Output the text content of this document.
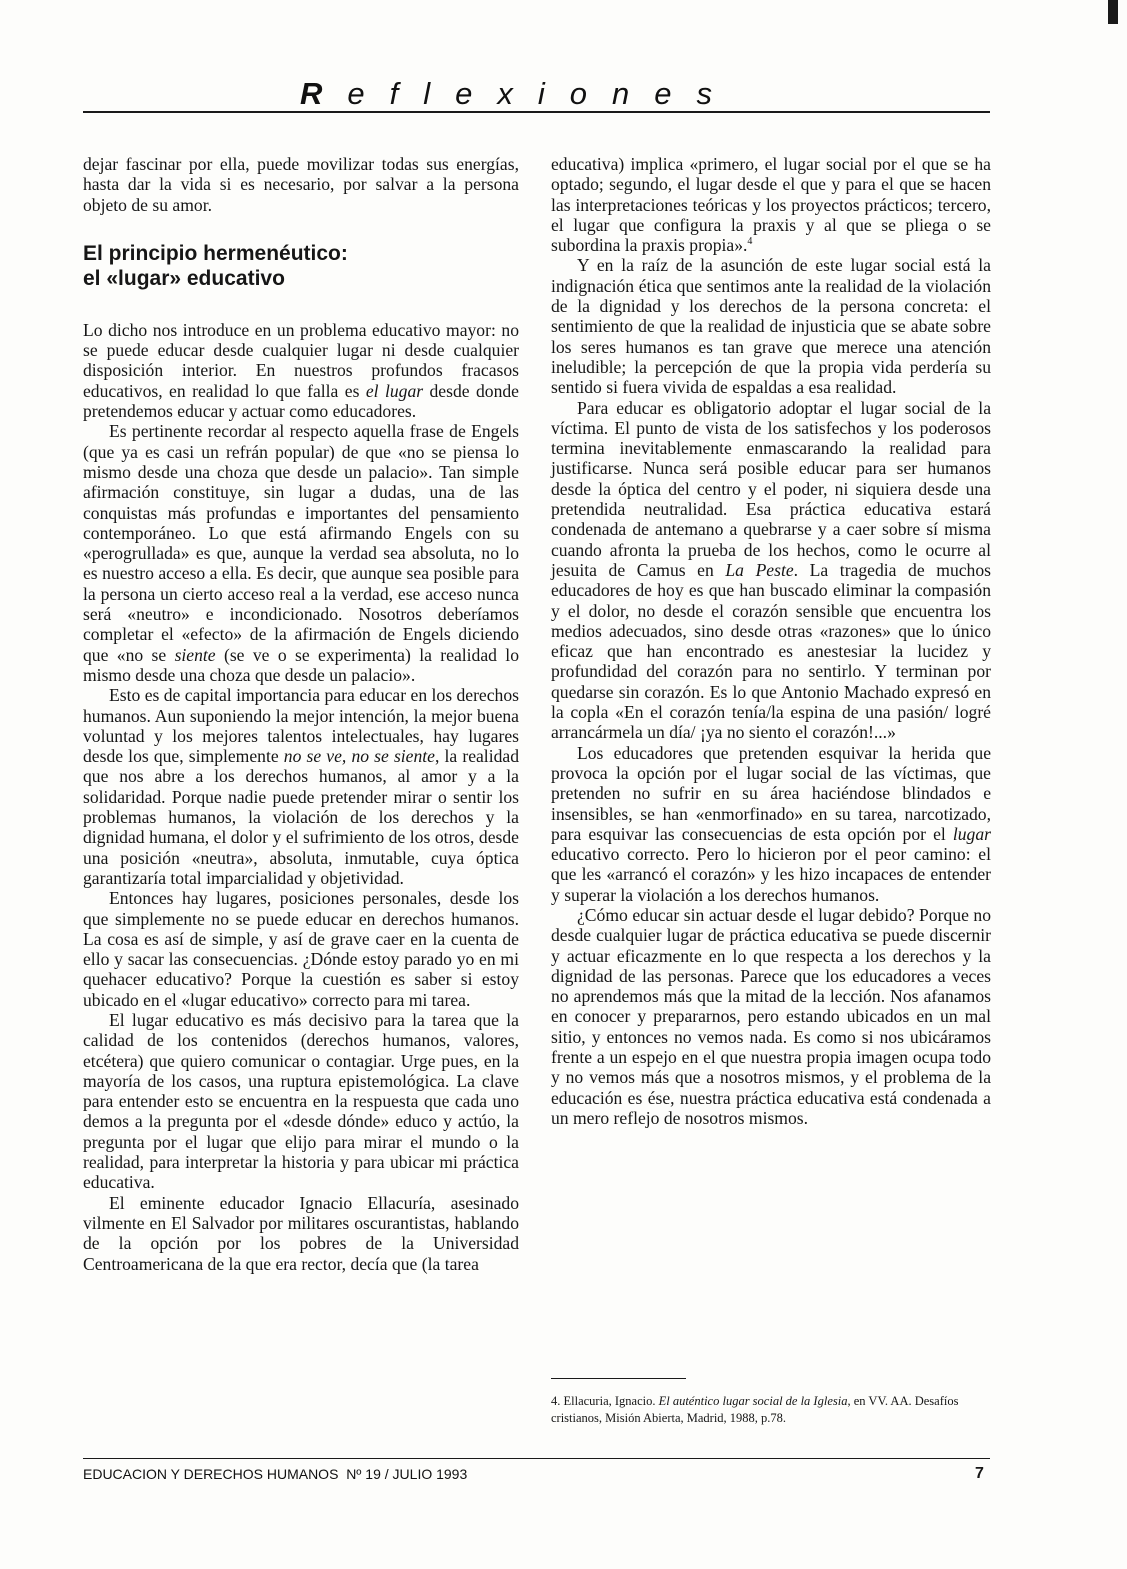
Reflexiones

dejar fascinar por ella, puede movilizar todas sus energías, hasta dar la vida si es necesario, por salvar a la persona objeto de su amor.

El principio hermenéutico:
el «lugar» educativo

Lo dicho nos introduce en un problema educativo mayor: no se puede educar desde cualquier lugar ni desde cualquier disposición interior. En nuestros profundos fracasos educativos, en realidad lo que falla es el lugar desde donde pretendemos educar y actuar como educadores.

Es pertinente recordar al respecto aquella frase de Engels (que ya es casi un refrán popular) de que «no se piensa lo mismo desde una choza que desde un palacio». Tan simple afirmación constituye, sin lugar a dudas, una de las conquistas más profundas e importantes del pensamiento contemporáneo. Lo que está afirmando Engels con su «perogrullada» es que, aunque la verdad sea absoluta, no lo es nuestro acceso a ella. Es decir, que aunque sea posible para la persona un cierto acceso real a la verdad, ese acceso nunca será «neutro» e incondicionado. Nosotros deberíamos completar el «efecto» de la afirmación de Engels diciendo que «no se siente (se ve o se experimenta) la realidad lo mismo desde una choza que desde un palacio».

Esto es de capital importancia para educar en los derechos humanos. Aun suponiendo la mejor intención, la mejor buena voluntad y los mejores talentos intelectuales, hay lugares desde los que, simplemente no se ve, no se siente, la realidad que nos abre a los derechos humanos, al amor y a la solidaridad. Porque nadie puede pretender mirar o sentir los problemas humanos, la violación de los derechos y la dignidad humana, el dolor y el sufrimiento de los otros, desde una posición «neutra», absoluta, inmutable, cuya óptica garantizaría total imparcialidad y objetividad.

Entonces hay lugares, posiciones personales, desde los que simplemente no se puede educar en derechos humanos. La cosa es así de simple, y así de grave caer en la cuenta de ello y sacar las consecuencias. ¿Dónde estoy parado yo en mi quehacer educativo? Porque la cuestión es saber si estoy ubicado en el «lugar educativo» correcto para mi tarea.

El lugar educativo es más decisivo para la tarea que la calidad de los contenidos (derechos humanos, valores, etcétera) que quiero comunicar o contagiar. Urge pues, en la mayoría de los casos, una ruptura epistemológica. La clave para entender esto se encuentra en la respuesta que cada uno demos a la pregunta por el «desde dónde» educo y actúo, la pregunta por el lugar que elijo para mirar el mundo o la realidad, para interpretar la historia y para ubicar mi práctica educativa.

El eminente educador Ignacio Ellacuría, asesinado vilmente en El Salvador por militares oscurantistas, hablando de la opción por los pobres de la Universidad Centroamericana de la que era rector, decía que (la tarea

educativa) implica «primero, el lugar social por el que se ha optado; segundo, el lugar desde el que y para el que se hacen las interpretaciones teóricas y los proyectos prácticos; tercero, el lugar que configura la praxis y al que se pliega o se subordina la praxis propia».$^4$

Y en la raíz de la asunción de este lugar social está la indignación ética que sentimos ante la realidad de la violación de la dignidad y los derechos de la persona concreta: el sentimiento de que la realidad de injusticia que se abate sobre los seres humanos es tan grave que merece una atención ineludible; la percepción de que la propia vida perdería su sentido si fuera vivida de espaldas a esa realidad.

Para educar es obligatorio adoptar el lugar social de la víctima. El punto de vista de los satisfechos y los poderosos termina inevitablemente enmascarando la realidad para justificarse. Nunca será posible educar para ser humanos desde la óptica del centro y el poder, ni siquiera desde una pretendida neutralidad. Esa práctica educativa estará condenada de antemano a quebrarse y a caer sobre sí misma cuando afronta la prueba de los hechos, como le ocurre al jesuita de Camus en La Peste. La tragedia de muchos educadores de hoy es que han buscado eliminar la compasión y el dolor, no desde el corazón sensible que encuentra los medios adecuados, sino desde otras «razones» que lo único eficaz que han encontrado es anestesiar la lucidez y profundidad del corazón para no sentirlo. Y terminan por quedarse sin corazón. Es lo que Antonio Machado expresó en la copla «En el corazón tenía/la espina de una pasión/ logré arrancármela un día/ ¡ya no siento el corazón!...»

Los educadores que pretenden esquivar la herida que provoca la opción por el lugar social de las víctimas, que pretenden no sufrir en su área haciéndose blindados e insensibles, se han «enmorfinado» en su tarea, narcotizado, para esquivar las consecuencias de esta opción por el lugar educativo correcto. Pero lo hicieron por el peor camino: el que les «arrancó el corazón» y les hizo incapaces de entender y superar la violación a los derechos humanos.

¿Cómo educar sin actuar desde el lugar debido? Porque no desde cualquier lugar de práctica educativa se puede discernir y actuar eficazmente en lo que respecta a los derechos y la dignidad de las personas. Parece que los educadores a veces no aprendemos más que la mitad de la lección. Nos afanamos en conocer y prepararnos, pero estando ubicados en un mal sitio, y entonces no vemos nada. Es como si nos ubicáramos frente a un espejo en el que nuestra propia imagen ocupa todo y no vemos más que a nosotros mismos, y el problema de la educación es ése, nuestra práctica educativa está condenada a un mero reflejo de nosotros mismos.

4. Ellacuria, Ignacio. El auténtico lugar social de la Iglesia, en VV. AA. Desafíos cristianos, Misión Abierta, Madrid, 1988, p.78.
EDUCACION Y DERECHOS HUMANOS  Nº 19 / JULIO 1993	7
